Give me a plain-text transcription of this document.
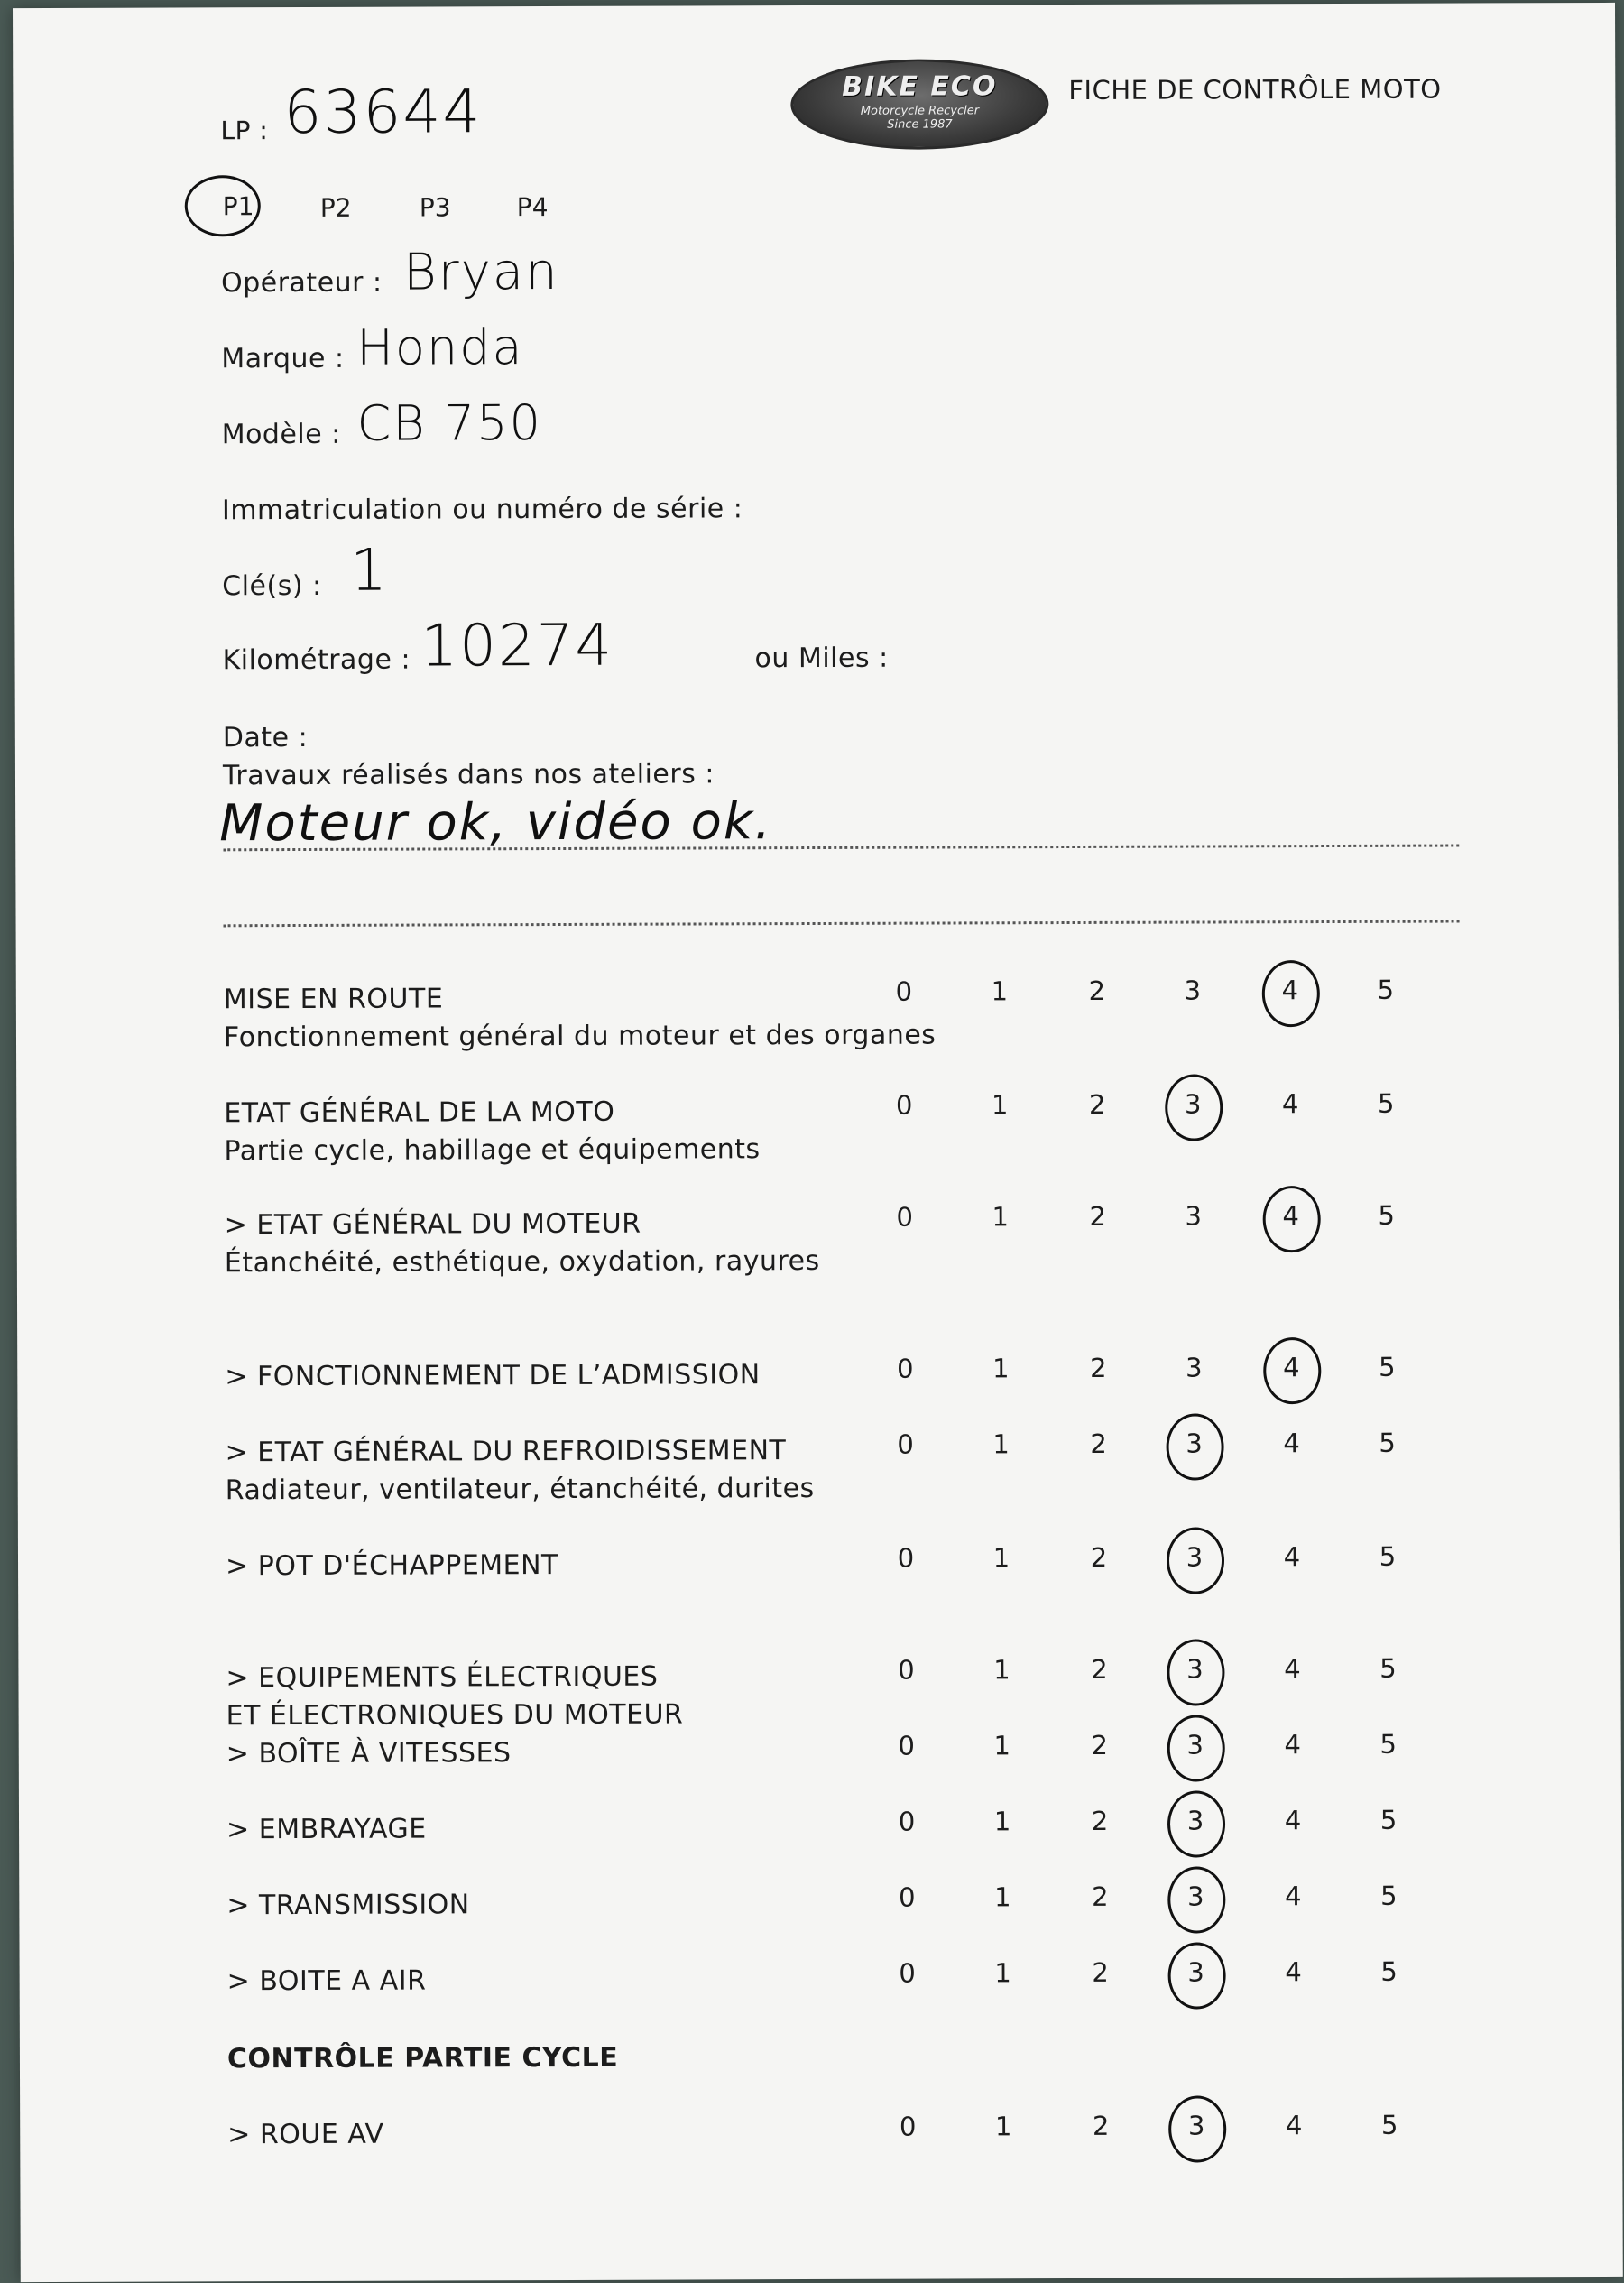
LP : 63644	BIKE ECO
Motorcycle Recycler
Since 1987
FICHE DE CONTRÔLE MOTO
P1	P2	P3	P4
Opérateur : Bryan
Marque : Honda
Modèle : CB 750
Immatriculation ou numéro de série :
Clé(s) : 1
Kilométrage : 10274	ou Miles :
Date :
Travaux réalisés dans nos ateliers :
Moteur ok, vidéo ok.
MISE EN ROUTE
Fonctionnement général du moteur et des organes
0	1	2	3	4	5
ETAT GÉNÉRAL DE LA MOTO
Partie cycle, habillage et équipements
0	1	2	3	4	5
> ETAT GÉNÉRAL DU MOTEUR
Étanchéité, esthétique, oxydation, rayures
0	1	2	3	4	5
> FONCTIONNEMENT DE L’ADMISSION	0	1	2	3	4	5
> ETAT GÉNÉRAL DU REFROIDISSEMENT
Radiateur, ventilateur, étanchéité, durites
0	1	2	3	4	5
> POT D'ÉCHAPPEMENT	0	1	2	3	4	5
> EQUIPEMENTS ÉLECTRIQUES
ET ÉLECTRONIQUES DU MOTEUR
0	1	2	3	4	5
> BOÎTE À VITESSES	0	1	2	3	4	5
> EMBRAYAGE	0	1	2	3	4	5
> TRANSMISSION	0	1	2	3	4	5
> BOITE A AIR	0	1	2	3	4	5
CONTRÔLE PARTIE CYCLE
> ROUE AV	0	1	2	3	4	5
